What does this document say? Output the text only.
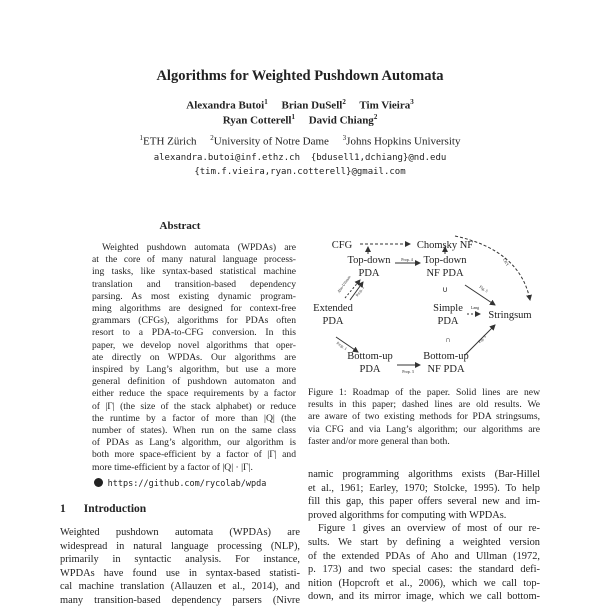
Algorithms for Weighted Pushdown Automata
Alexandra Butoi$^1$ Brian DuSell$^2$ Tim Vieira$^3$
Ryan Cotterell$^1$ David Chiang$^2$
$^1$ETH Zürich $^2$University of Notre Dame $^3$Johns Hopkins University
alexandra.butoi@inf.ethz.ch  {bdusell1,dchiang}@nd.edu
{tim.f.vieira,ryan.cotterell}@gmail.com
Abstract
Weighted pushdown automata (WPDAs) are
at the core of many natural language process-
ing tasks, like syntax-based statistical machine
translation and transition-based dependency
parsing. As most existing dynamic program-
ming algorithms are designed for context-free
grammars (CFGs), algorithms for PDAs often
resort to a PDA-to-CFG conversion. In this
paper, we develop novel algorithms that oper-
ate directly on WPDAs. Our algorithms are
inspired by Lang’s algorithm, but use a more
general definition of pushdown automaton and
either reduce the space requirements by a factor
of |Γ| (the size of the stack alphabet) or reduce
the runtime by a factor of more than |Q| (the
number of states). When run on the same class
of PDAs as Lang’s algorithm, our algorithm is
both more space-efficient by a factor of |Γ| and
more time-efficient by a factor of |Q| · |Γ|.
https://github.com/rycolab/wpda
1 Introduction
Weighted pushdown automata (WPDAs) are
widespread in natural language processing (NLP),
primarily in syntactic analysis. For instance,
WPDAs have found use in syntax-based statisti-
cal machine translation (Allauzen et al., 2014), and
many transition-based dependency parsers (Nivre
CFG	Chomsky NF
Top-down
PDA
Top-down
NF PDA
∪
Extended
PDA
Simple
PDA
Stringsum
∩
Bottom-up
PDA
Bottom-up
NF PDA
Prop. 4
Prop. 3
Lang
Aho-Ullman Prop. 2
Prop. 1
Fig. 5
Fig. 3
CKY
Figure 1: Roadmap of the paper. Solid lines are new
results in this paper; dashed lines are old results. We
are aware of two existing methods for PDA stringsums,
via CFG and via Lang’s algorithm; our algorithms are
faster and/or more general than both.
namic programming algorithms exists (Bar-Hillel
et al., 1961; Earley, 1970; Stolcke, 1995). To help
fill this gap, this paper offers several new and im-
proved algorithms for computing with WPDAs.
Figure 1 gives an overview of most of our re-
sults. We start by defining a weighted version
of the extended PDAs of Aho and Ullman (1972,
p. 173) and two special cases: the standard defi-
nition (Hopcroft et al., 2006), which we call top-
down, and its mirror image, which we call bottom-
